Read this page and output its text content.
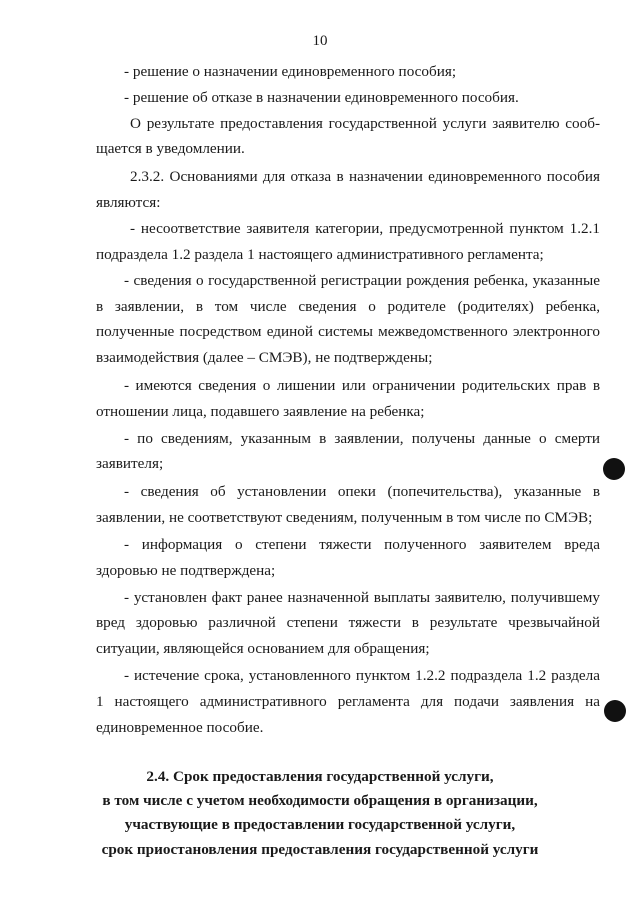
10
- решение о назначении единовременного пособия;
- решение об отказе в назначении единовременного пособия.
О результате предоставления государственной услуги заявителю сооб-
щается в уведомлении.
2.3.2. Основаниями для отказа в назначении единовременного пособия
являются:
- несоответствие заявителя категории, предусмотренной пунктом 1.2.1
подраздела 1.2 раздела 1 настоящего административного регламента;
- сведения о государственной регистрации рождения ребенка, указанные
в заявлении, в том числе сведения о родителе (родителях) ребенка,
полученные посредством единой системы межведомственного электронного
взаимодействия (далее – СМЭВ), не подтверждены;
- имеются сведения о лишении или ограничении родительских прав в
отношении лица, подавшего заявление на ребенка;
- по сведениям, указанным в заявлении, получены данные о смерти
заявителя;
- сведения об установлении опеки (попечительства), указанные в
заявлении, не соответствуют сведениям, полученным в том числе по СМЭВ;
- информация о степени тяжести полученного заявителем вреда
здоровью не подтверждена;
- установлен факт ранее назначенной выплаты заявителю, получившему
вред здоровью различной степени тяжести в результате чрезвычайной
ситуации, являющейся основанием для обращения;
- истечение срока, установленного пунктом 1.2.2 подраздела 1.2 раздела
1 настоящего административного регламента для подачи заявления на
единовременное пособие.
2.4. Срок предоставления государственной услуги,
в том числе с учетом необходимости обращения в организации,
участвующие в предоставлении государственной услуги,
срок приостановления предоставления государственной услуги
